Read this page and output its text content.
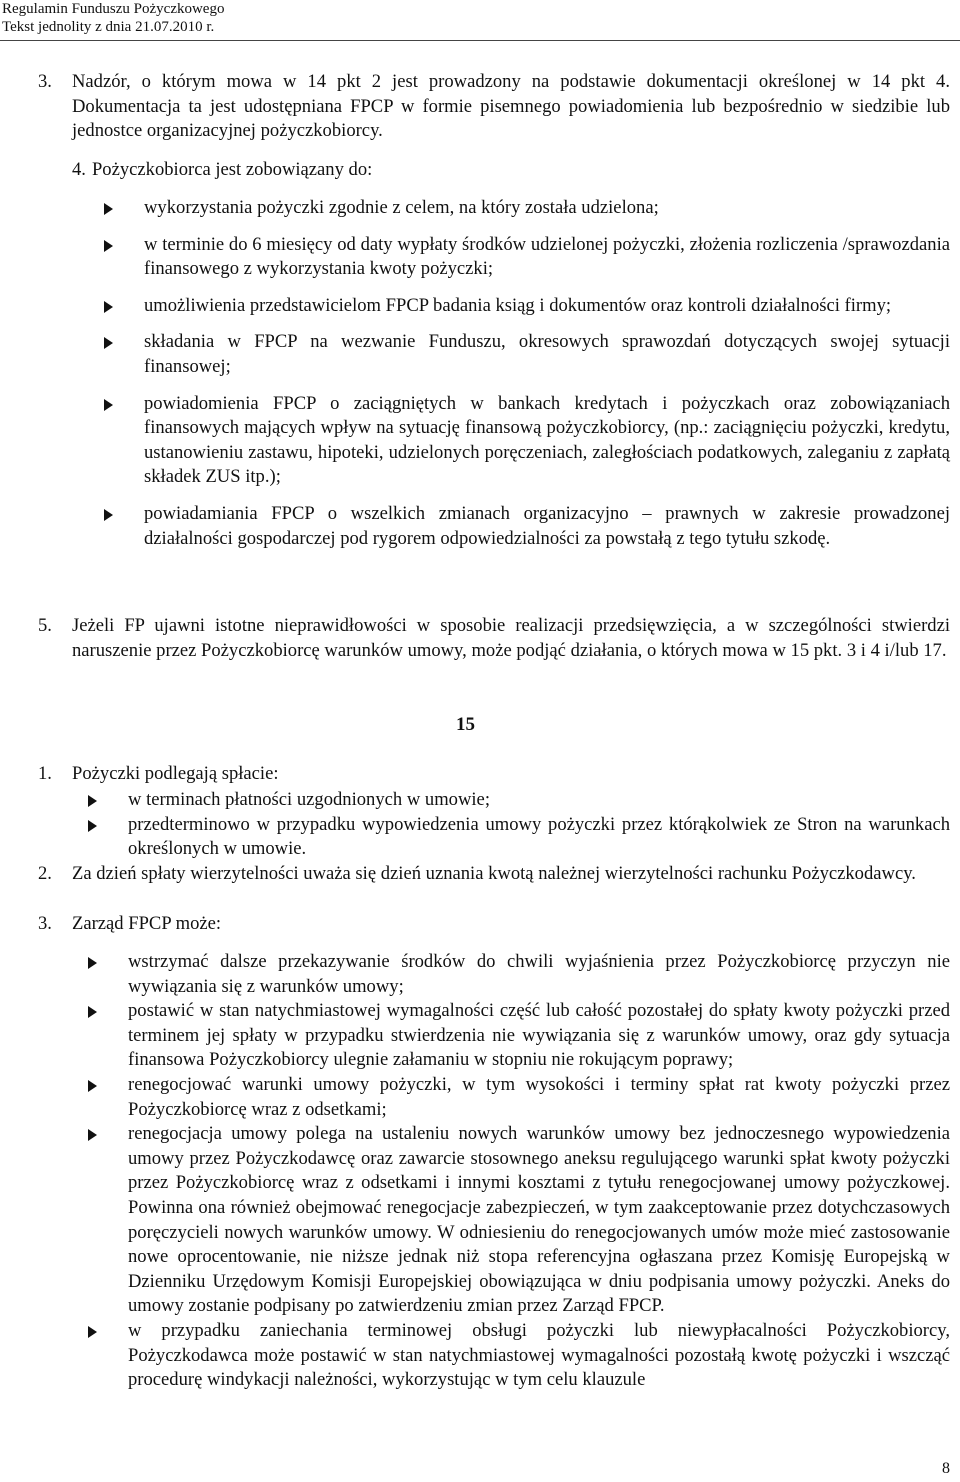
Regulamin Funduszu Pożyczkowego
Tekst jednolity z dnia 21.07.2010 r.

3.	Nadzór, o którym mowa w 14 pkt 2 jest prowadzony na podstawie dokumentacji określonej w 14 pkt 4. Dokumentacja ta jest udostępniana FPCP w formie pisemnego powiadomienia lub bezpośrednio w siedzibie lub jednostce organizacyjnej pożyczkobiorcy.

4. Pożyczkobiorca jest zobowiązany do:

wykorzystania pożyczki zgodnie z celem, na który została udzielona;
w terminie do 6 miesięcy od daty wypłaty środków udzielonej pożyczki, złożenia rozliczenia /sprawozdania finansowego z wykorzystania kwoty pożyczki;
umożliwienia przedstawicielom FPCP badania ksiąg i dokumentów oraz kontroli działalności firmy;
składania w FPCP na wezwanie Funduszu, okresowych sprawozdań dotyczących swojej sytuacji finansowej;
powiadomienia FPCP o zaciągniętych w bankach kredytach i pożyczkach oraz zobowiązaniach finansowych mających wpływ na sytuację finansową pożyczkobiorcy, (np.: zaciągnięciu pożyczki, kredytu, ustanowieniu zastawu, hipoteki, udzielonych poręczeniach, zaległościach podatkowych, zaleganiu z zapłatą składek ZUS itp.);
powiadamiania FPCP o wszelkich zmianach organizacyjno – prawnych w zakresie prowadzonej działalności gospodarczej pod rygorem odpowiedzialności za powstałą z tego tytułu szkodę.

5.	Jeżeli FP ujawni istotne nieprawidłowości w sposobie realizacji przedsięwzięcia, a w szczególności stwierdzi naruszenie przez Pożyczkobiorcę warunków umowy, może podjąć działania, o których mowa w 15 pkt. 3 i 4 i/lub 17.

15

1.	Pożyczki podlegają spłacie:

w terminach płatności uzgodnionych w umowie;
przedterminowo w przypadku wypowiedzenia umowy pożyczki przez którąkolwiek ze Stron na warunkach określonych w umowie.

2.	Za dzień spłaty wierzytelności uważa się dzień uznania kwotą należnej wierzytelności rachunku Pożyczkodawcy.

3.	Zarząd FPCP może:

wstrzymać dalsze przekazywanie środków do chwili wyjaśnienia przez Pożyczkobiorcę przyczyn nie wywiązania się z warunków umowy;
postawić w stan natychmiastowej wymagalności część lub całość pozostałej do spłaty kwoty pożyczki przed terminem jej spłaty w przypadku stwierdzenia nie wywiązania się z warunków umowy, oraz gdy sytuacja finansowa Pożyczkobiorcy ulegnie załamaniu w stopniu nie rokującym poprawy;
renegocjować warunki umowy pożyczki, w tym wysokości i terminy spłat rat kwoty pożyczki przez Pożyczkobiorcę wraz z odsetkami;
renegocjacja umowy polega na ustaleniu nowych warunków umowy bez jednoczesnego wypowiedzenia umowy przez Pożyczkodawcę oraz zawarcie stosownego aneksu regulującego warunki spłat kwoty pożyczki przez Pożyczkobiorcę wraz z odsetkami i innymi kosztami z tytułu renegocjowanej umowy pożyczkowej. Powinna ona również obejmować renegocjacje zabezpieczeń, w tym zaakceptowanie przez dotychczasowych poręczycieli nowych warunków umowy. W odniesieniu do renegocjowanych umów może mieć zastosowanie nowe oprocentowanie, nie niższe jednak niż stopa referencyjna ogłaszana przez Komisję Europejską w Dzienniku Urzędowym Komisji Europejskiej obowiązująca w dniu podpisania umowy pożyczki. Aneks do umowy zostanie podpisany po zatwierdzeniu zmian przez Zarząd FPCP.
w przypadku zaniechania terminowej obsługi pożyczki lub niewypłacalności Pożyczkobiorcy, Pożyczkodawca może postawić w stan natychmiastowej wymagalności pozostałą kwotę pożyczki i wszcząć procedurę windykacji należności, wykorzystując w tym celu klauzule
8
